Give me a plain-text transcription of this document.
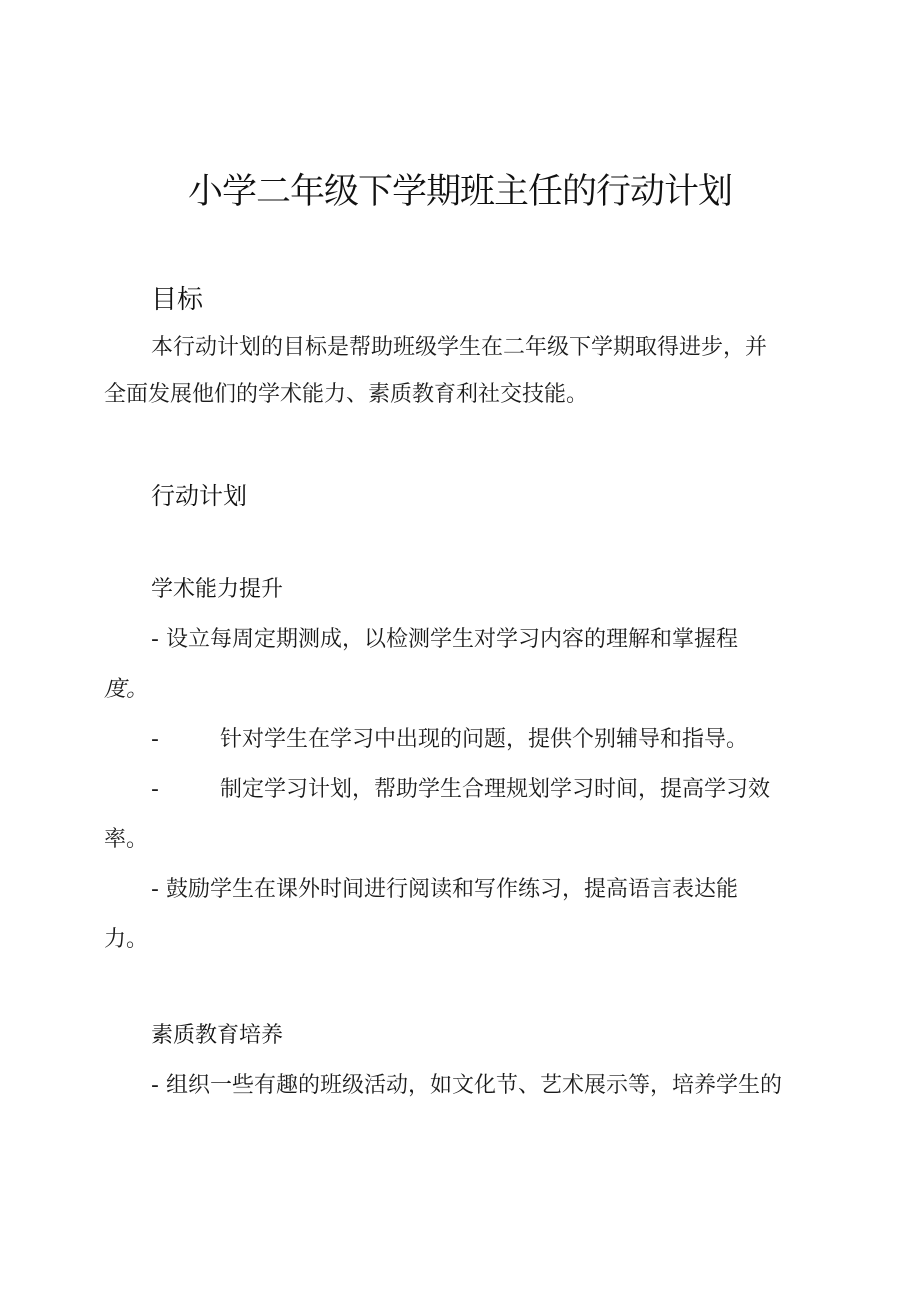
小学二年级下学期班主任的行动计划
目标

本行动计划的目标是帮助班级学生在二年级下学期取得进步，并

全面发展他们的学术能力、素质教育利社交技能。

行动计划
学术能力提升

- 设立每周定期测成，以检测学生对学习内容的理解和掌握程

度。

-	针对学生在学习中出现的问题，提供个别辅导和指导。

-	制定学习计划，帮助学生合理规划学习时间，提高学习效

率。

- 鼓励学生在课外时间进行阅读和写作练习，提高语言表达能

力。

素质教育培养

- 组织一些有趣的班级活动，如文化节、艺术展示等，培养学生的
